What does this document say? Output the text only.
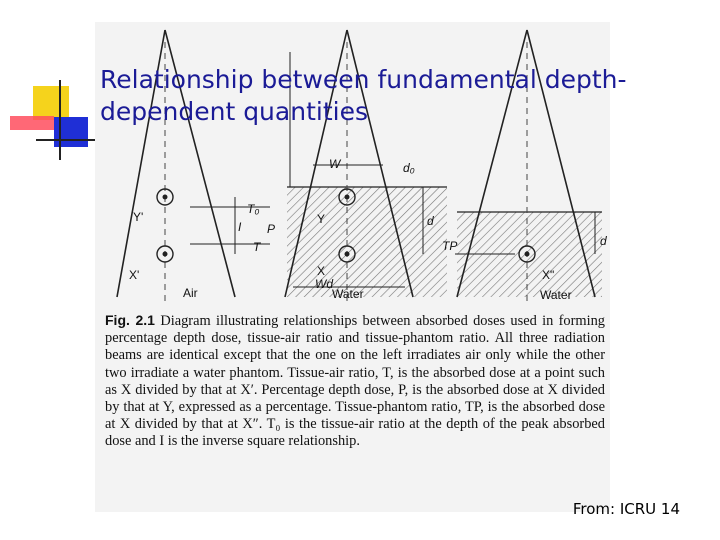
Air	Water	Water
W
Wd
d₀
d
d
T₀
T
P
I
TP
Y'
X'
Y
X	X"
Fig. 2.1 Diagram illustrating relationships between absorbed doses used in forming percentage depth dose, tissue-air ratio and tissue-phantom ratio. All three radiation beams are identical except that the one on the left irradiates air only while the other two irradiate a water phantom. Tissue-air ratio, T, is the absorbed dose at a point such as X divided by that at X′. Percentage depth dose, P, is the absorbed dose at X divided by that at Y, expressed as a percentage. Tissue-phantom ratio, TP, is the absorbed dose at X divided by that at X″. T₀ is the tissue-air ratio at the depth of the peak absorbed dose and I is the inverse square relationship.
Relationship between fundamental depth-
dependent quantities
From: ICRU 14
